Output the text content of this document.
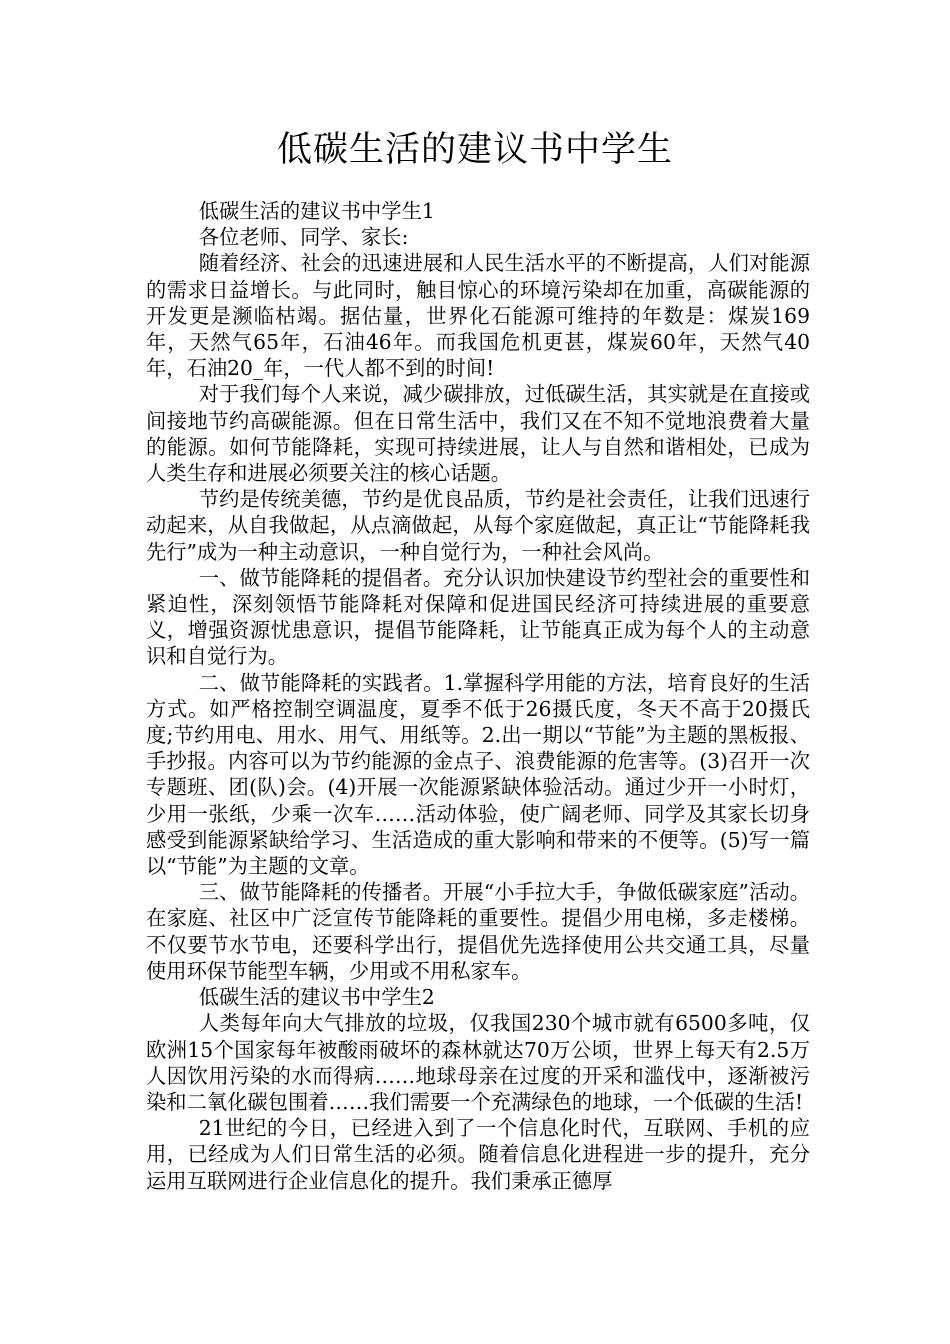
低碳生活的建议书中学生

低碳生活的建议书中学生1

各位老师、同学、家长:

随着经济、社会的迅速进展和人民生活水平的不断提高，人们对能源的需求日益增长。与此同时，触目惊心的环境污染却在加重，高碳能源的开发更是濒临枯竭。据估量，世界化石能源可维持的年数是：煤炭169年，天然气65年，石油46年。而我国危机更甚，煤炭60年，天然气40年，石油20_年，一代人都不到的时间!

对于我们每个人来说，减少碳排放，过低碳生活，其实就是在直接或间接地节约高碳能源。但在日常生活中，我们又在不知不觉地浪费着大量的能源。如何节能降耗，实现可持续进展，让人与自然和谐相处，已成为人类生存和进展必须要关注的核心话题。

节约是传统美德，节约是优良品质，节约是社会责任，让我们迅速行动起来，从自我做起，从点滴做起，从每个家庭做起，真正让“节能降耗我先行”成为一种主动意识，一种自觉行为，一种社会风尚。

一、做节能降耗的提倡者。充分认识加快建设节约型社会的重要性和紧迫性，深刻领悟节能降耗对保障和促进国民经济可持续进展的重要意义，增强资源忧患意识，提倡节能降耗，让节能真正成为每个人的主动意识和自觉行为。

二、做节能降耗的实践者。1.掌握科学用能的方法，培育良好的生活方式。如严格控制空调温度，夏季不低于26摄氏度，冬天不高于20摄氏度;节约用电、用水、用气、用纸等。2.出一期以“节能”为主题的黑板报、手抄报。内容可以为节约能源的金点子、浪费能源的危害等。(3)召开一次专题班、团(队)会。(4)开展一次能源紧缺体验活动。通过少开一小时灯，少用一张纸，少乘一次车……活动体验，使广阔老师、同学及其家长切身感受到能源紧缺给学习、生活造成的重大影响和带来的不便等。(5)写一篇以“节能”为主题的文章。

三、做节能降耗的传播者。开展“小手拉大手，争做低碳家庭”活动。在家庭、社区中广泛宣传节能降耗的重要性。提倡少用电梯，多走楼梯。不仅要节水节电，还要科学出行，提倡优先选择使用公共交通工具，尽量使用环保节能型车辆，少用或不用私家车。

低碳生活的建议书中学生2

人类每年向大气排放的垃圾，仅我国230个城市就有6500多吨，仅欧洲15个国家每年被酸雨破坏的森林就达70万公顷，世界上每天有2.5万人因饮用污染的水而得病……地球母亲在过度的开采和滥伐中，逐渐被污染和二氧化碳包围着……我们需要一个充满绿色的地球，一个低碳的生活!

21世纪的今日，已经进入到了一个信息化时代，互联网、手机的应用，已经成为人们日常生活的必须。随着信息化进程进一步的提升，充分运用互联网进行企业信息化的提升。我们秉承正德厚
